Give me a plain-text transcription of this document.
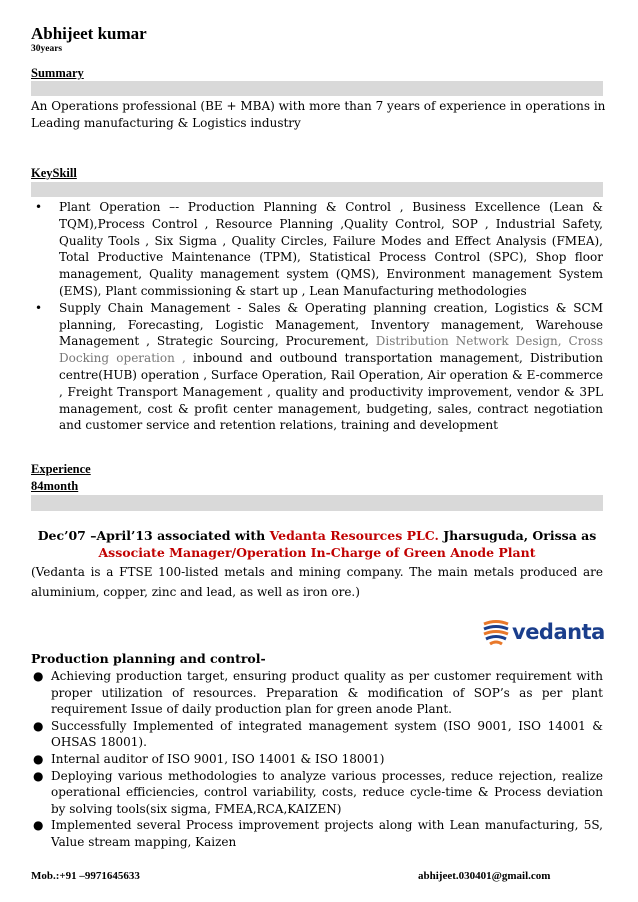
Abhijeet kumar
30years
Summary
An Operations professional (BE + MBA) with more than 7 years of experience in operations in Leading manufacturing & Logistics industry
KeySkill
• Plant Operation –- Production Planning & Control , Business Excellence (Lean & TQM),Process Control , Resource Planning ,Quality Control, SOP , Industrial Safety, Quality Tools , Six Sigma , Quality Circles, Failure Modes and Effect Analysis (FMEA), Total Productive Maintenance (TPM), Statistical Process Control (SPC), Shop floor management, Quality management system (QMS), Environment management System (EMS), Plant commissioning & start up , Lean Manufacturing methodologies
• Supply Chain Management - Sales & Operating planning creation, Logistics & SCM planning, Forecasting, Logistic Management, Inventory management, Warehouse Management , Strategic Sourcing, Procurement, Distribution Network Design, Cross Docking operation , inbound and outbound transportation management, Distribution centre(HUB) operation , Surface Operation, Rail Operation, Air operation & E-commerce , Freight Transport Management , quality and productivity improvement, vendor & 3PL management, cost & profit center management, budgeting, sales, contract negotiation and customer service and retention relations, training and development
Experience
84month
Dec’07 –April’13 associated with Vedanta Resources PLC. Jharsuguda, Orissa as Associate Manager/Operation In-Charge of Green Anode Plant
(Vedanta is a FTSE 100-listed metals and mining company. The main metals produced are aluminium, copper, zinc and lead, as well as iron ore.)
vedanta
Production planning and control-
● Achieving production target, ensuring product quality as per customer requirement with proper utilization of resources. Preparation & modification of SOP’s as per plant requirement Issue of daily production plan for green anode Plant.
● Successfully Implemented of integrated management system (ISO 9001, ISO 14001 & OHSAS 18001).
● Internal auditor of ISO 9001, ISO 14001 & ISO 18001)
● Deploying various methodologies to analyze various processes, reduce rejection, realize operational efficiencies, control variability, costs, reduce cycle-time & Process deviation by solving tools(six sigma, FMEA,RCA,KAIZEN)
● Implemented several Process improvement projects along with Lean manufacturing, 5S, Value stream mapping, Kaizen
Mob.:+91 –9971645633	abhijeet.030401@gmail.com
